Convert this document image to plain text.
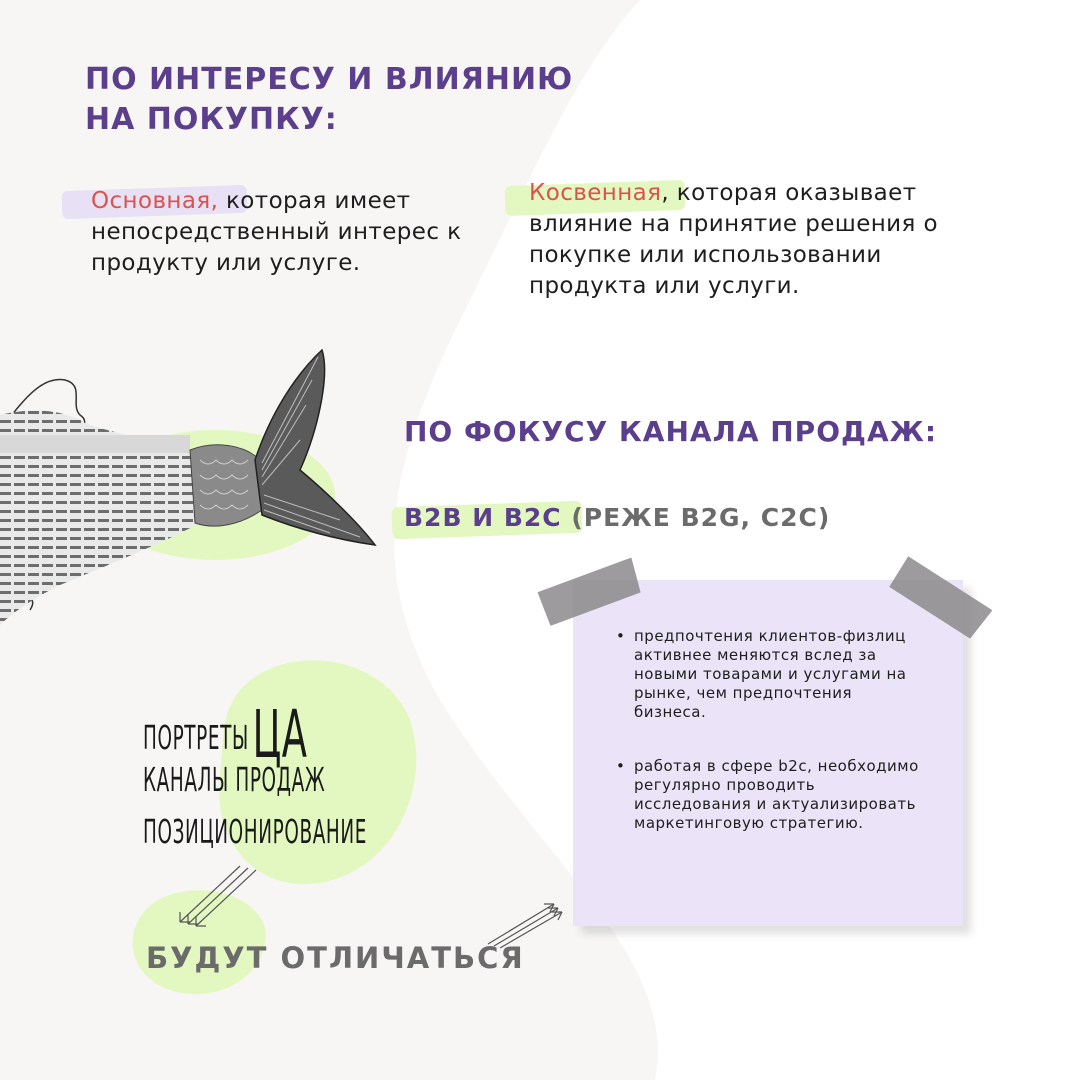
ПО ИНТЕРЕСУ И ВЛИЯНИЮ
НА ПОКУПКУ:

Основная, которая имеет непосредственный интерес к продукту или услуге.

Косвенная, которая оказывает влияние на принятие решения о покупке или использовании продукта или услуги.

ПО ФОКУСУ КАНАЛА ПРОДАЖ:

B2B И B2C (РЕЖЕ B2G, C2C)

• предпочтения клиентов-физлиц активнее меняются вслед за новыми товарами и услугами на рынке, чем предпочтения бизнеса.
• работая в сфере b2c, необходимо регулярно проводить исследования и актуализировать маркетинговую стратегию.

ПОРТРЕТЫЦА

КАНАЛЫ ПРОДАЖ

ПОЗИЦИОНИРОВАНИЕ

БУДУТ ОТЛИЧАТЬСЯ
